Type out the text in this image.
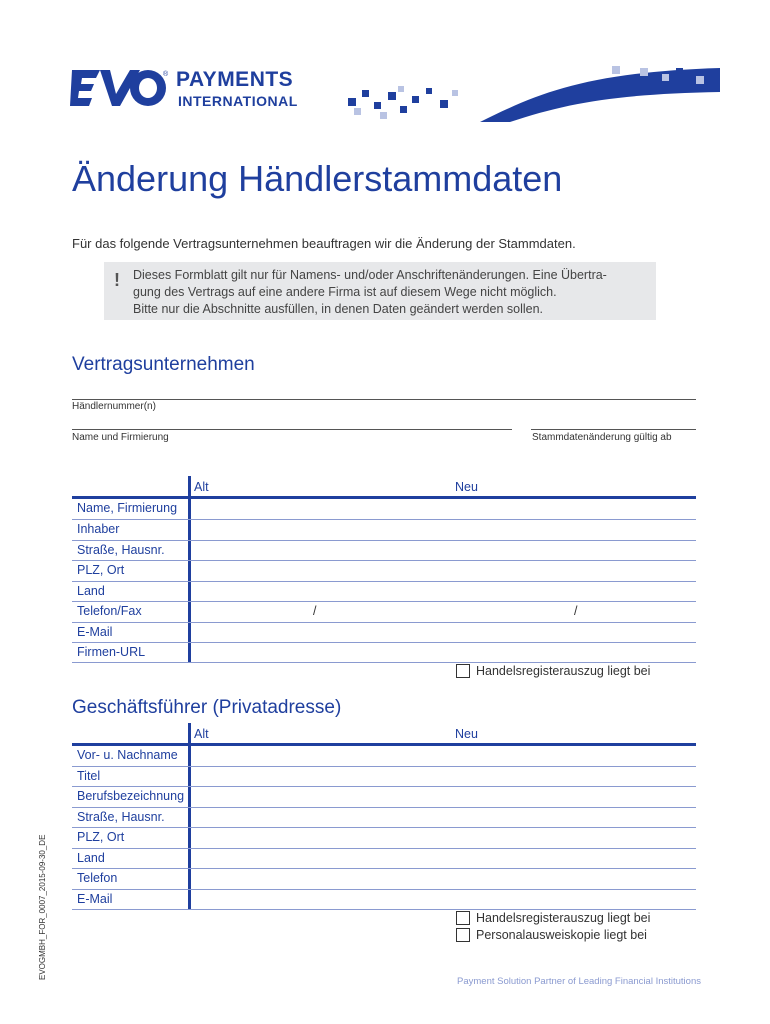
® PAYMENTS
INTERNATIONAL
Änderung Händlerstammdaten
Für das folgende Vertragsunternehmen beauftragen wir die Änderung der Stammdaten.
! Dieses Formblatt gilt nur für Namens- und/oder Anschriftenänderungen. Eine Übertra-
gung des Vertrags auf eine andere Firma ist auf diesem Wege nicht möglich.
Bitte nur die Abschnitte ausfüllen, in denen Daten geändert werden sollen.
Vertragsunternehmen
Händlernummer(n)
Name und Firmierung	Stammdatenänderung gültig ab
Alt	Neu
Name, Firmierung
Inhaber
Straße, Hausnr.
PLZ, Ort
Land
Telefon/Fax	/	/
E-Mail
Firmen-URL
Handelsregisterauszug liegt bei
Geschäftsführer (Privatadresse)
Alt	Neu
Vor- u. Nachname
Titel
Berufsbezeichnung
Straße, Hausnr.
PLZ, Ort
Land
Telefon
E-Mail
Handelsregisterauszug liegt bei
Personalausweiskopie liegt bei
EVOGMBH_FOR_0007_2015-09-30_DE
Payment Solution Partner of Leading Financial Institutions
